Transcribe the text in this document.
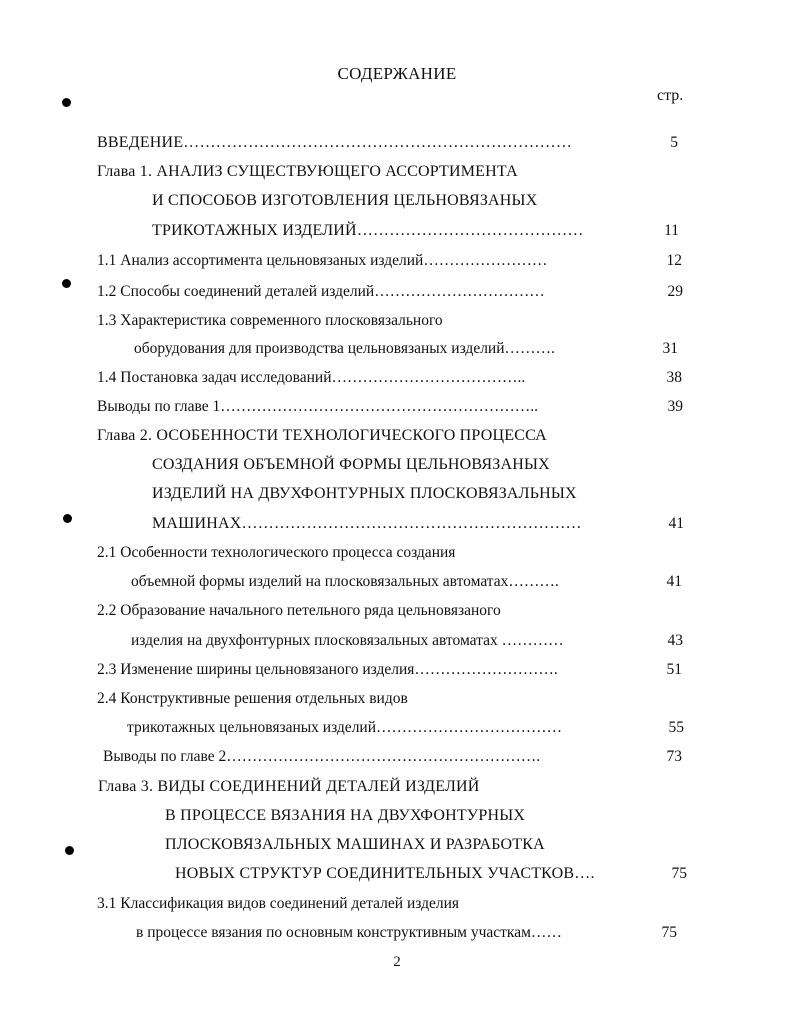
СОДЕРЖАНИЕ
стр.
ВВЕДЕНИЕ………………………………………………………………	5
Глава 1. АНАЛИЗ СУЩЕСТВУЮЩЕГО АССОРТИМЕНТА
И СПОСОБОВ ИЗГОТОВЛЕНИЯ ЦЕЛЬНОВЯЗАНЫХ
ТРИКОТАЖНЫХ ИЗДЕЛИЙ……………………………………	11
1.1 Анализ ассортимента цельновязаных изделий……………………	12
1.2 Способы соединений деталей изделий……………………………	29
1.3 Характеристика современного плосковязального
оборудования для производства цельновязаных изделий……….	31
1.4 Постановка задач исследований………………………………..	38
Выводы по главе 1……………………………………………………..	39
Глава 2. ОСОБЕННОСТИ ТЕХНОЛОГИЧЕСКОГО ПРОЦЕССА
СОЗДАНИЯ ОБЪЕМНОЙ ФОРМЫ ЦЕЛЬНОВЯЗАНЫХ
ИЗДЕЛИЙ НА ДВУХФОНТУРНЫХ ПЛОСКОВЯЗАЛЬНЫХ
МАШИНАХ………………………………………………………	41
2.1 Особенности технологического процесса создания
объемной формы изделий на плосковязальных автоматах……….	41
2.2 Образование начального петельного ряда цельновязаного
изделия на двухфонтурных плосковязальных автоматах …………	43
2.3 Изменение ширины цельновязаного изделия……………………….	51
2.4 Конструктивные решения отдельных видов
трикотажных цельновязаных изделий………………………………	55
Выводы по главе 2…………………………………………………….	73
Глава 3. ВИДЫ СОЕДИНЕНИЙ ДЕТАЛЕЙ ИЗДЕЛИЙ
В ПРОЦЕССЕ ВЯЗАНИЯ НА ДВУХФОНТУРНЫХ
ПЛОСКОВЯЗАЛЬНЫХ МАШИНАХ И РАЗРАБОТКА
НОВЫХ СТРУКТУР СОЕДИНИТЕЛЬНЫХ УЧАСТКОВ….	75
3.1 Классификация видов соединений деталей изделия
в процессе вязания по основным конструктивным участкам……	75
2
